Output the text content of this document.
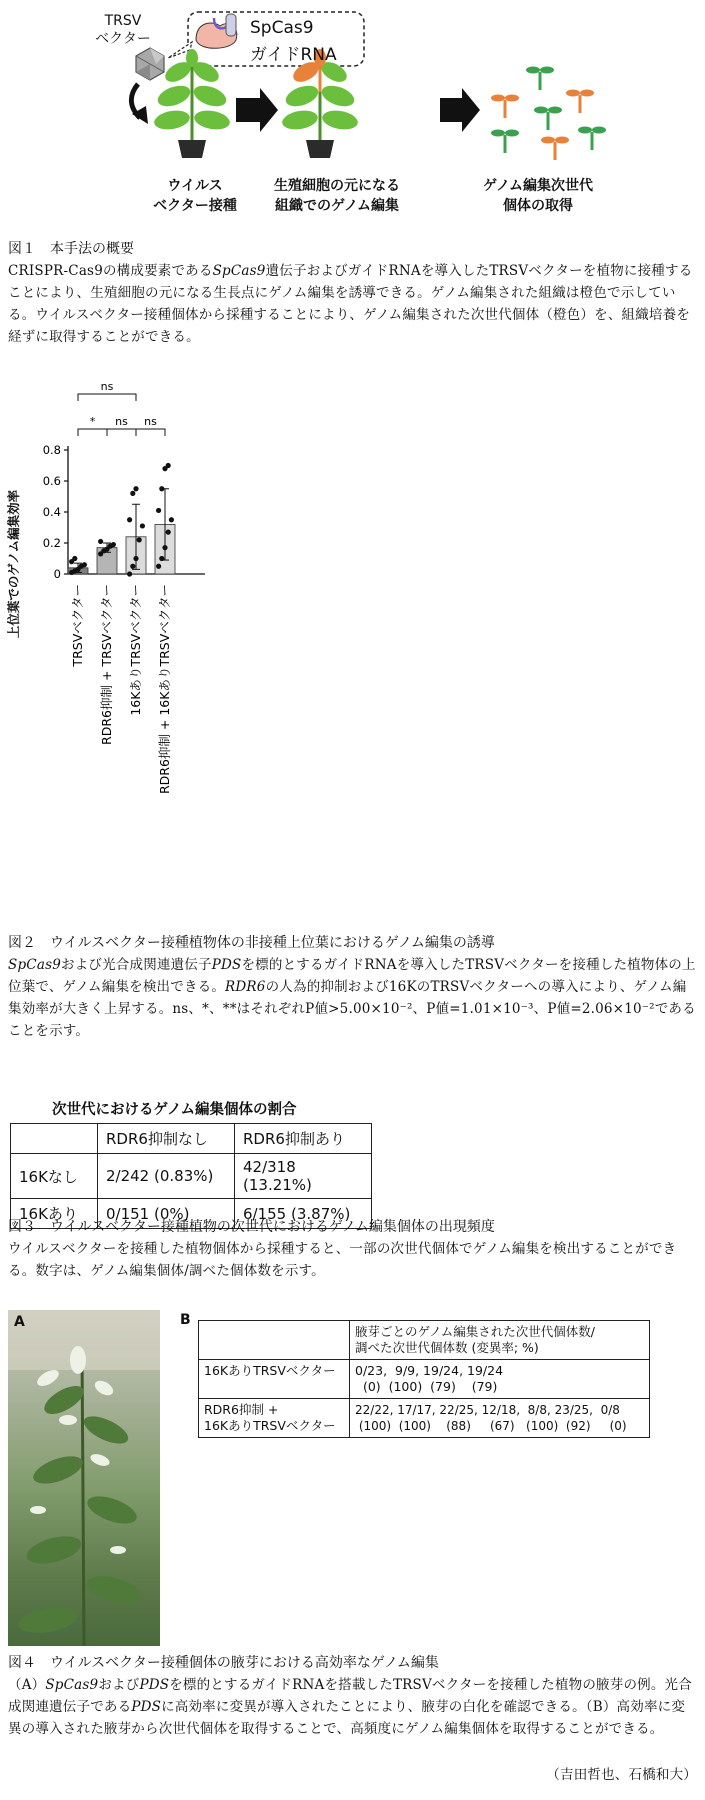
TRSV
ベクター
SpCas9
ガイドRNA
ウイルス
ベクター接種
生殖細胞の元になる
組織でのゲノム編集
ゲノム編集次世代
個体の取得
図１　本手法の概要
CRISPR-Cas9の構成要素であるSpCas9遺伝子およびガイドRNAを導入したTRSVベクターを植物に接種することにより、生殖細胞の元になる生長点にゲノム編集を誘導できる。ゲノム編集された組織は橙色で示している。ウイルスベクター接種個体から採種することにより、ゲノム編集された次世代個体（橙色）を、組織培養を経ずに取得することができる。
0
0.2
0.4
0.6
0.8
TRSVベクター RDR6抑制 + TRSVベクター 16KありTRSVベクター RDR6抑制 + 16KありTRSVベクター
ns
* ns ns
上位葉でのゲノム編集効率
図２　ウイルスベクター接種植物体の非接種上位葉におけるゲノム編集の誘導
SpCas9および光合成関連遺伝子PDSを標的とするガイドRNAを導入したTRSVベクターを接種した植物体の上位葉で、ゲノム編集を検出できる。RDR6の人為的抑制および16KのTRSVベクターへの導入により、ゲノム編集効率が大きく上昇する。ns、*、**はそれぞれP値>5.00×10⁻²、P値=1.01×10⁻³、P値=2.06×10⁻²であることを示す。
次世代におけるゲノム編集個体の割合
	RDR6抑制なし	RDR6抑制あり
16Kなし	2/242 (0.83%)	42/318 (13.21%)
16Kあり	0/151 (0%)	6/155 (3.87%)
図３　ウイルスベクター接種植物の次世代におけるゲノム編集個体の出現頻度
ウイルスベクターを接種した植物個体から採種すると、一部の次世代個体でゲノム編集を検出することができる。数字は、ゲノム編集個体/調べた個体数を示す。
A	B
	腋芽ごとのゲノム編集された次世代個体数/
調べた次世代個体数 (変異率; %)
16KありTRSVベクター	0/23,  9/9, 19/24, 19/24
(0)  (100)  (79)    (79)
RDR6抑制 +
16KありTRSVベクター	22/22, 17/17, 22/25, 12/18,  8/8, 23/25,  0/8
(100)  (100)    (88)     (67)   (100)  (92)     (0)
図４　ウイルスベクター接種個体の腋芽における高効率なゲノム編集
（A）SpCas9およびPDSを標的とするガイドRNAを搭載したTRSVベクターを接種した植物の腋芽の例。光合成関連遺伝子であるPDSに高効率に変異が導入されたことにより、腋芽の白化を確認できる。（B）高効率に変異の導入された腋芽から次世代個体を取得することで、高頻度にゲノム編集個体を取得することができる。
（吉田哲也、石橋和大）
